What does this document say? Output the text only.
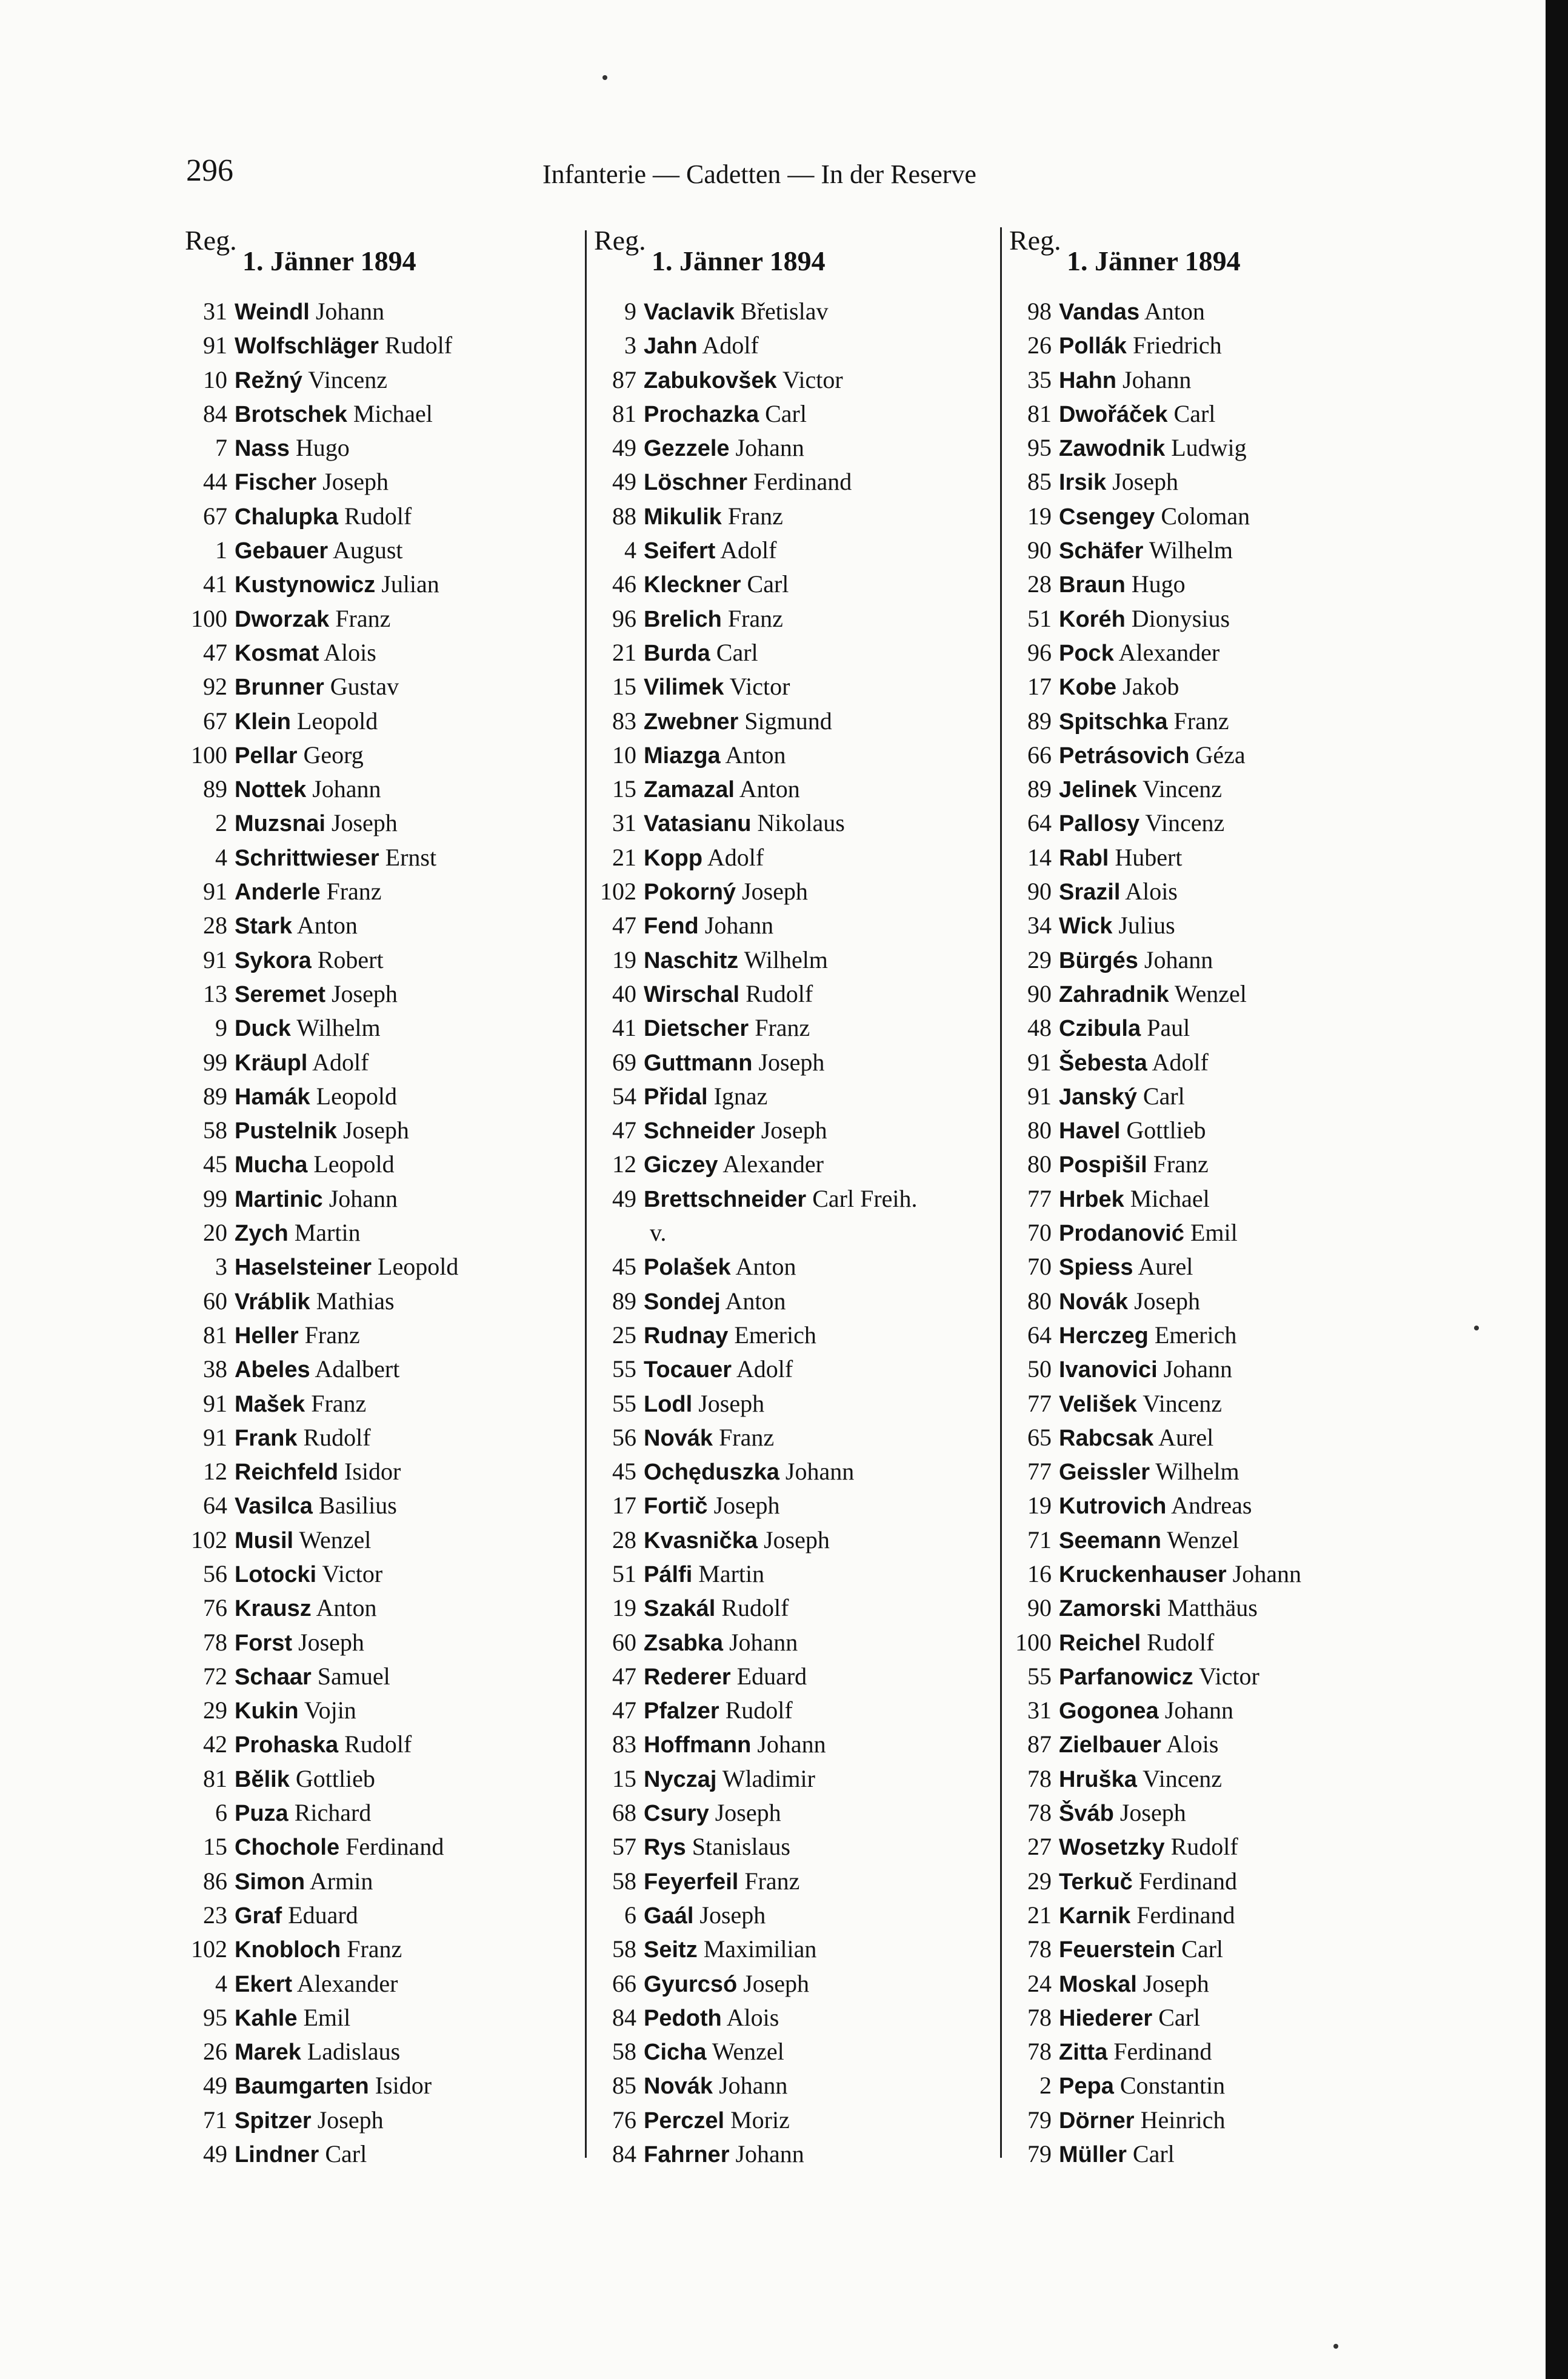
296	Infanterie — Cadetten — In der Reserve
Reg.
1. Jänner 1894
31 Weindl Johann
91 Wolfschläger Rudolf
10 Režný Vincenz
84 Brotschek Michael
7 Nass Hugo
44 Fischer Joseph
67 Chalupka Rudolf
1 Gebauer August
41 Kustynowicz Julian
100 Dworzak Franz
47 Kosmat Alois
92 Brunner Gustav
67 Klein Leopold
100 Pellar Georg
89 Nottek Johann
2 Muzsnai Joseph
4 Schrittwieser Ernst
91 Anderle Franz
28 Stark Anton
91 Sykora Robert
13 Seremet Joseph
9 Duck Wilhelm
99 Kräupl Adolf
89 Hamák Leopold
58 Pustelnik Joseph
45 Mucha Leopold
99 Martinic Johann
20 Zych Martin
3 Haselsteiner Leopold
60 Vráblik Mathias
81 Heller Franz
38 Abeles Adalbert
91 Mašek Franz
91 Frank Rudolf
12 Reichfeld Isidor
64 Vasilca Basilius
102 Musil Wenzel
56 Lotocki Victor
76 Krausz Anton
78 Forst Joseph
72 Schaar Samuel
29 Kukin Vojin
42 Prohaska Rudolf
81 Bělik Gottlieb
6 Puza Richard
15 Chochole Ferdinand
86 Simon Armin
23 Graf Eduard
102 Knobloch Franz
4 Ekert Alexander
95 Kahle Emil
26 Marek Ladislaus
49 Baumgarten Isidor
71 Spitzer Joseph
49 Lindner Carl
Reg.
1. Jänner 1894
9 Vaclavik Břetislav
3 Jahn Adolf
87 Zabukovšek Victor
81 Prochazka Carl
49 Gezzele Johann
49 Löschner Ferdinand
88 Mikulik Franz
4 Seifert Adolf
46 Kleckner Carl
96 Brelich Franz
21 Burda Carl
15 Vilimek Victor
83 Zwebner Sigmund
10 Miazga Anton
15 Zamazal Anton
31 Vatasianu Nikolaus
21 Kopp Adolf
102 Pokorný Joseph
47 Fend Johann
19 Naschitz Wilhelm
40 Wirschal Rudolf
41 Dietscher Franz
69 Guttmann Joseph
54 Přidal Ignaz
47 Schneider Joseph
12 Giczey Alexander
49 Brettschneider Carl Freih.
v.
45 Polašek Anton
89 Sondej Anton
25 Rudnay Emerich
55 Tocauer Adolf
55 Lodl Joseph
56 Novák Franz
45 Ochęduszka Johann
17 Fortič Joseph
28 Kvasnička Joseph
51 Pálfi Martin
19 Szakál Rudolf
60 Zsabka Johann
47 Rederer Eduard
47 Pfalzer Rudolf
83 Hoffmann Johann
15 Nyczaj Wladimir
68 Csury Joseph
57 Rys Stanislaus
58 Feyerfeil Franz
6 Gaál Joseph
58 Seitz Maximilian
66 Gyurcsó Joseph
84 Pedoth Alois
58 Cicha Wenzel
85 Novák Johann
76 Perczel Moriz
84 Fahrner Johann
Reg.
1. Jänner 1894
98 Vandas Anton
26 Pollák Friedrich
35 Hahn Johann
81 Dwořáček Carl
95 Zawodnik Ludwig
85 Irsik Joseph
19 Csengey Coloman
90 Schäfer Wilhelm
28 Braun Hugo
51 Koréh Dionysius
96 Pock Alexander
17 Kobe Jakob
89 Spitschka Franz
66 Petrásovich Géza
89 Jelinek Vincenz
64 Pallosy Vincenz
14 Rabl Hubert
90 Srazil Alois
34 Wick Julius
29 Bürgés Johann
90 Zahradnik Wenzel
48 Czibula Paul
91 Šebesta Adolf
91 Janský Carl
80 Havel Gottlieb
80 Pospišil Franz
77 Hrbek Michael
70 Prodanović Emil
70 Spiess Aurel
80 Novák Joseph
64 Herczeg Emerich
50 Ivanovici Johann
77 Velišek Vincenz
65 Rabcsak Aurel
77 Geissler Wilhelm
19 Kutrovich Andreas
71 Seemann Wenzel
16 Kruckenhauser Johann
90 Zamorski Matthäus
100 Reichel Rudolf
55 Parfanowicz Victor
31 Gogonea Johann
87 Zielbauer Alois
78 Hruška Vincenz
78 Šváb Joseph
27 Wosetzky Rudolf
29 Terkuč Ferdinand
21 Karnik Ferdinand
78 Feuerstein Carl
24 Moskal Joseph
78 Hiederer Carl
78 Zitta Ferdinand
2 Pepa Constantin
79 Dörner Heinrich
79 Müller Carl
